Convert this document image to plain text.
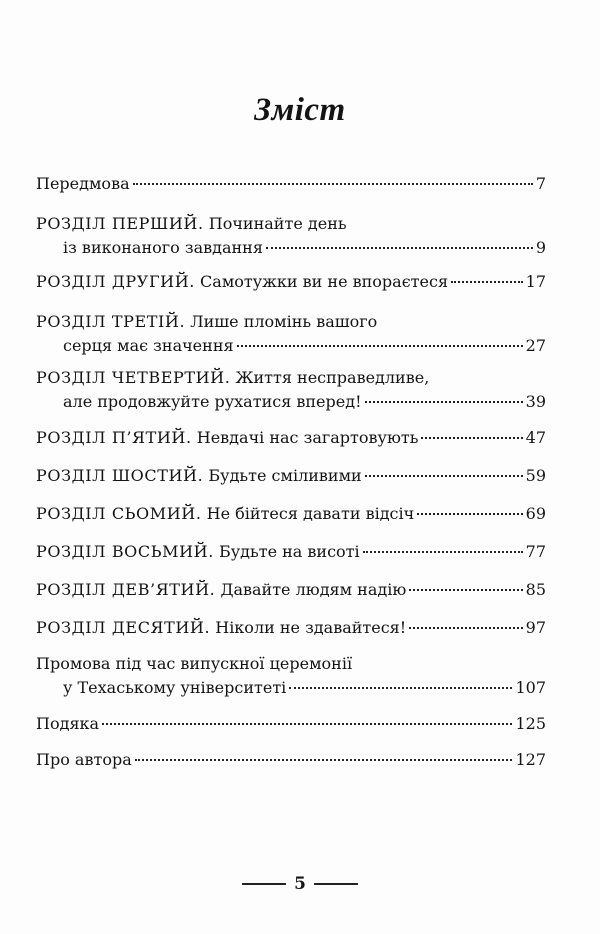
Зміст
Передмова	7
РОЗДІЛ ПЕРШИЙ. Починайте день
із виконаного завдання	9
РОЗДІЛ ДРУГИЙ. Самотужки ви не впораєтеся	17
РОЗДІЛ ТРЕТІЙ. Лише пломінь вашого
серця має значення	27
РОЗДІЛ ЧЕТВЕРТИЙ. Життя несправедливе,
але продовжуйте рухатися вперед!	39
РОЗДІЛ П’ЯТИЙ. Невдачі нас загартовують	47
РОЗДІЛ ШОСТИЙ. Будьте сміливими	59
РОЗДІЛ СЬОМИЙ. Не бійтеся давати відсіч	69
РОЗДІЛ ВОСЬМИЙ. Будьте на висоті	77
РОЗДІЛ ДЕВ’ЯТИЙ. Давайте людям надію	85
РОЗДІЛ ДЕСЯТИЙ. Ніколи не здавайтеся!	97
Промова під час випускної церемонії
у Техаському університеті	107
Подяка	125
Про автора	127
5
